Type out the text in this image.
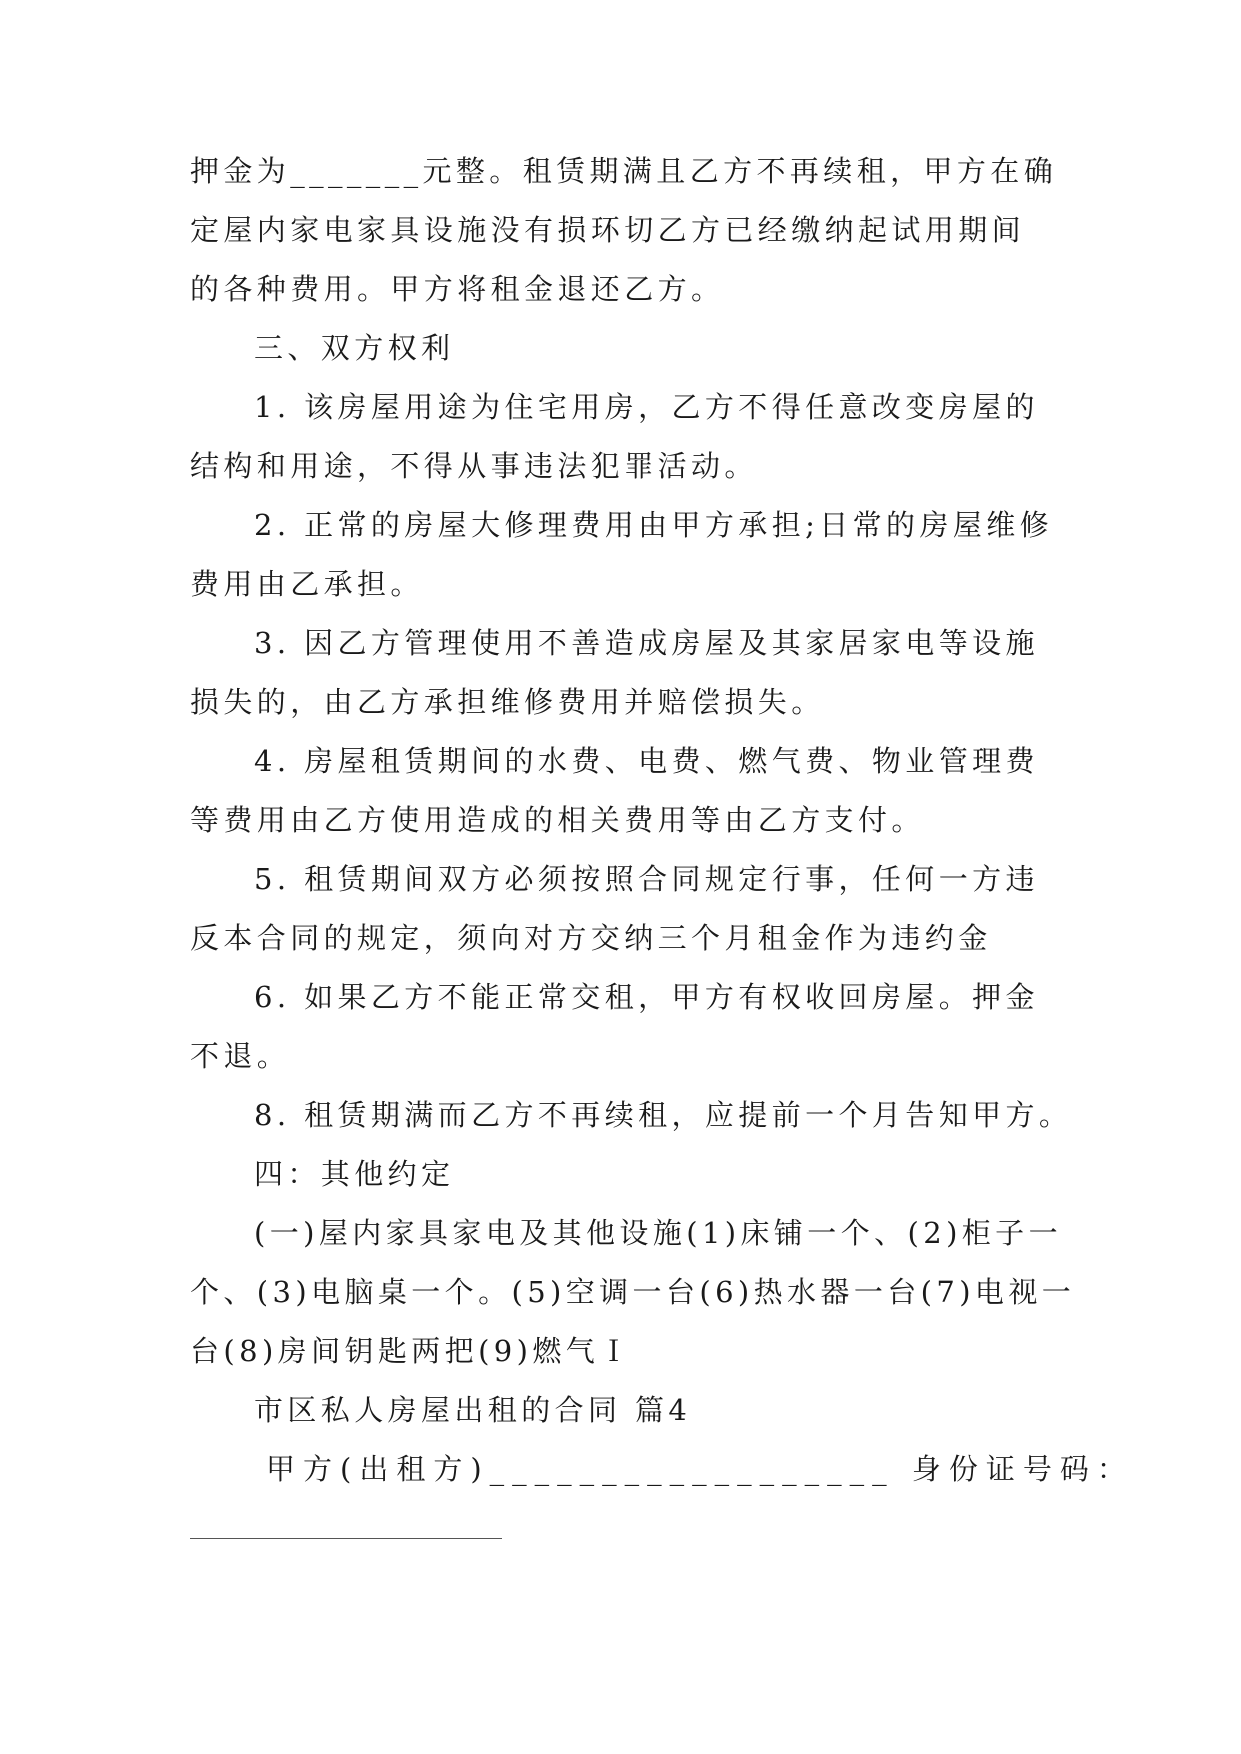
押金为_______元整。租赁期满且乙方不再续租，甲方在确
定屋内家电家具设施没有损环切乙方已经缴纳起试用期间
的各种费用。甲方将租金退还乙方。
三、双方权利
1. 该房屋用途为住宅用房，乙方不得任意改变房屋的
结构和用途，不得从事违法犯罪活动。
2. 正常的房屋大修理费用由甲方承担;日常的房屋维修
费用由乙承担。
3. 因乙方管理使用不善造成房屋及其家居家电等设施
损失的，由乙方承担维修费用并赔偿损失。
4. 房屋租赁期间的水费、电费、燃气费、物业管理费
等费用由乙方使用造成的相关费用等由乙方支付。
5. 租赁期间双方必须按照合同规定行事，任何一方违
反本合同的规定，须向对方交纳三个月租金作为违约金
6. 如果乙方不能正常交租，甲方有权收回房屋。押金
不退。
8. 租赁期满而乙方不再续租，应提前一个月告知甲方。
四：其他约定
(一)屋内家具家电及其他设施(1)床铺一个、(2)柜子一
个、(3)电脑桌一个。(5)空调一台(6)热水器一台(7)电视一
台(8)房间钥匙两把(9)燃气Ｉ
市区私人房屋出租的合同 篇4
甲方(出租方)__________________ 身份证号码：
